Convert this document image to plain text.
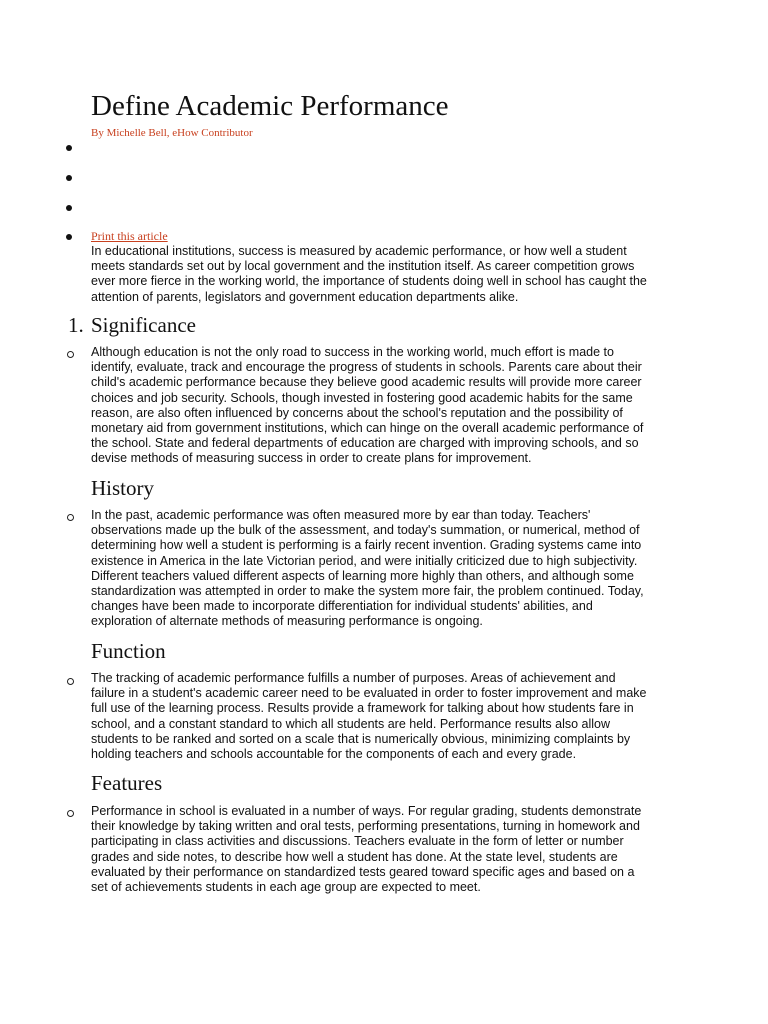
Define Academic Performance
By Michelle Bell, eHow Contributor
Print this article

In educational institutions, success is measured by academic performance, or how well a student
meets standards set out by local government and the institution itself. As career competition grows
ever more fierce in the working world, the importance of students doing well in school has caught the
attention of parents, legislators and government education departments alike.

1. Significance

Although education is not the only road to success in the working world, much effort is made to
identify, evaluate, track and encourage the progress of students in schools. Parents care about their
child's academic performance because they believe good academic results will provide more career
choices and job security. Schools, though invested in fostering good academic habits for the same
reason, are also often influenced by concerns about the school's reputation and the possibility of
monetary aid from government institutions, which can hinge on the overall academic performance of
the school. State and federal departments of education are charged with improving schools, and so
devise methods of measuring success in order to create plans for improvement.

History

In the past, academic performance was often measured more by ear than today. Teachers'
observations made up the bulk of the assessment, and today's summation, or numerical, method of
determining how well a student is performing is a fairly recent invention. Grading systems came into
existence in America in the late Victorian period, and were initially criticized due to high subjectivity.
Different teachers valued different aspects of learning more highly than others, and although some
standardization was attempted in order to make the system more fair, the problem continued. Today,
changes have been made to incorporate differentiation for individual students' abilities, and
exploration of alternate methods of measuring performance is ongoing.

Function

The tracking of academic performance fulfills a number of purposes. Areas of achievement and
failure in a student's academic career need to be evaluated in order to foster improvement and make
full use of the learning process. Results provide a framework for talking about how students fare in
school, and a constant standard to which all students are held. Performance results also allow
students to be ranked and sorted on a scale that is numerically obvious, minimizing complaints by
holding teachers and schools accountable for the components of each and every grade.

Features

Performance in school is evaluated in a number of ways. For regular grading, students demonstrate
their knowledge by taking written and oral tests, performing presentations, turning in homework and
participating in class activities and discussions. Teachers evaluate in the form of letter or number
grades and side notes, to describe how well a student has done. At the state level, students are
evaluated by their performance on standardized tests geared toward specific ages and based on a
set of achievements students in each age group are expected to meet.
